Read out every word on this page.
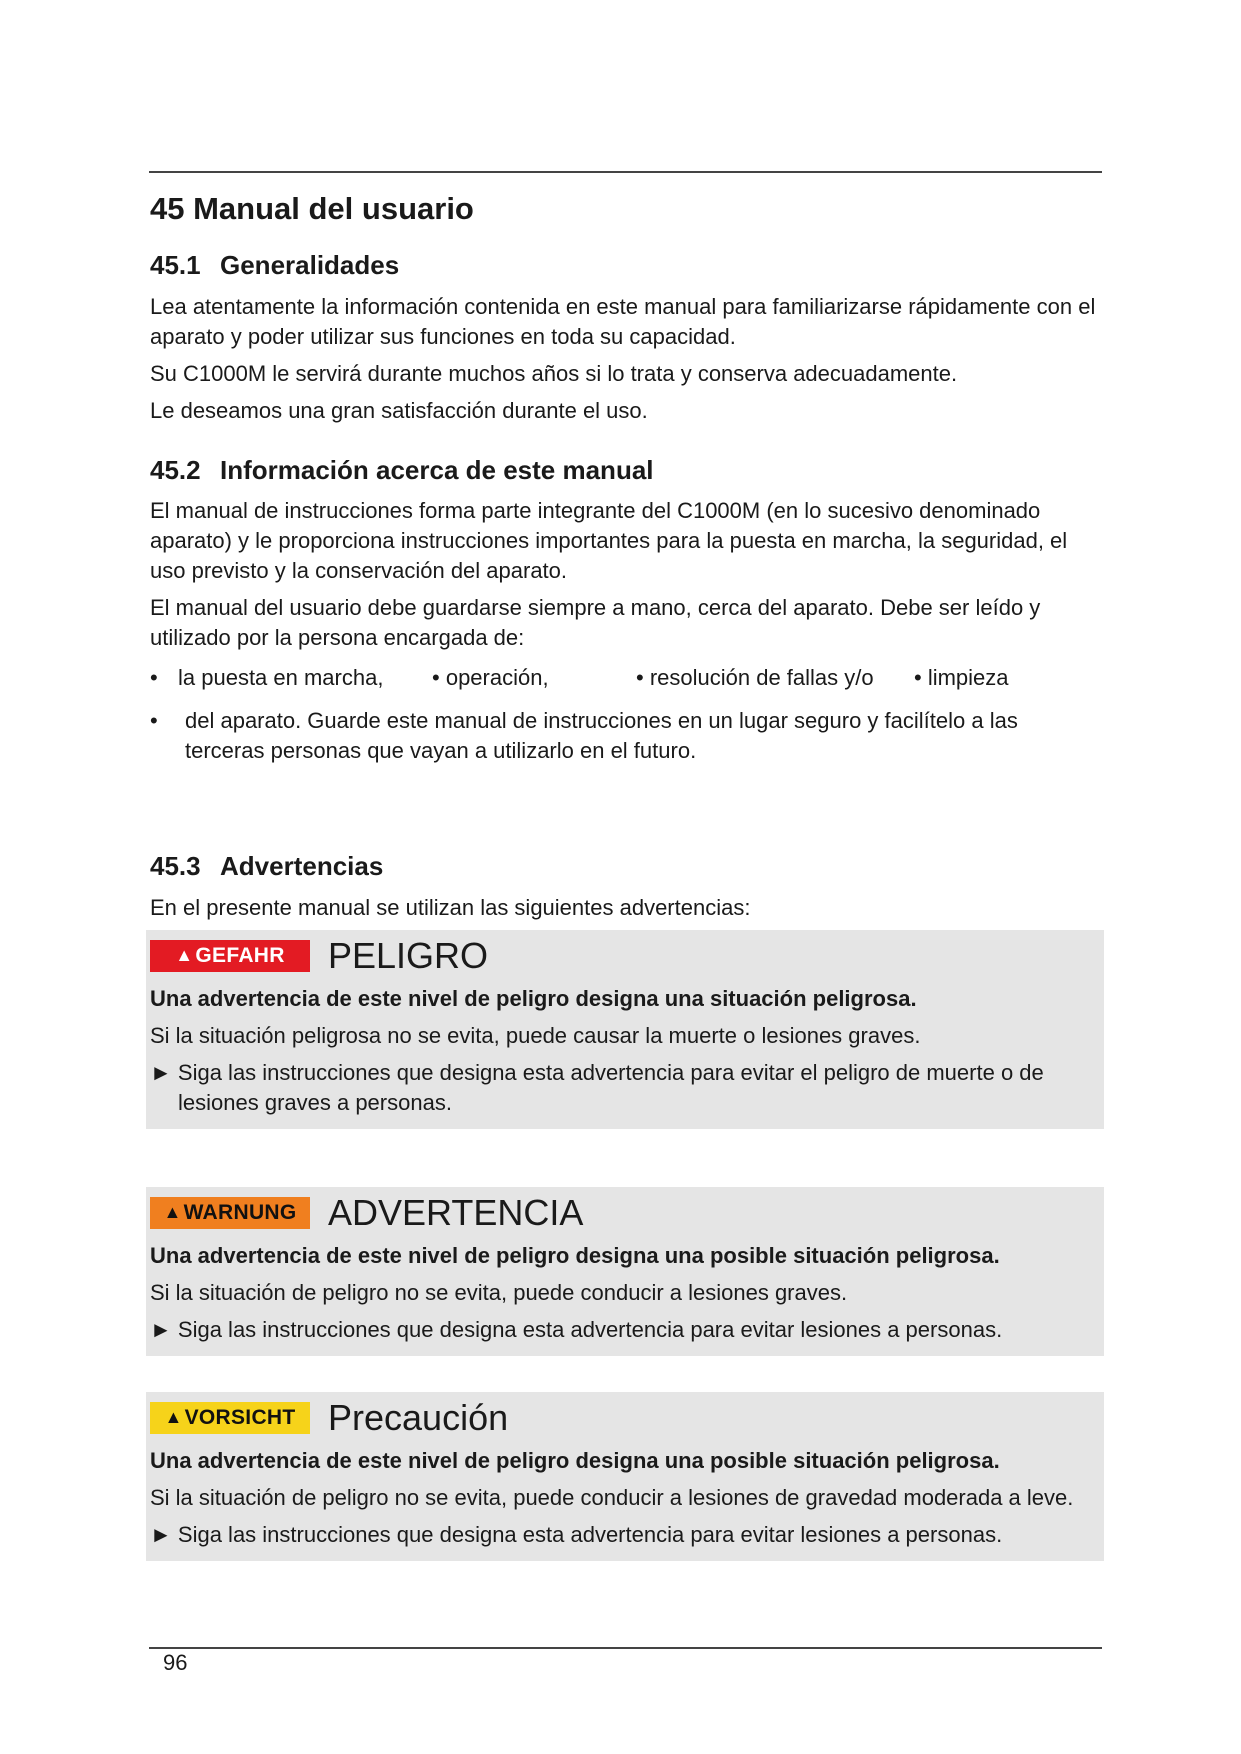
45 Manual del usuario
45.1 Generalidades

Lea atentamente la información contenida en este manual para familiarizarse rápidamente con el aparato y poder utilizar sus funciones en toda su capacidad.

Su C1000M le servirá durante muchos años si lo trata y conserva adecuadamente.

Le deseamos una gran satisfacción durante el uso.

45.2 Información acerca de este manual

El manual de instrucciones forma parte integrante del C1000M (en lo sucesivo denominado aparato) y le proporciona instrucciones importantes para la puesta en marcha, la seguridad, el uso previsto y la conservación del aparato.

El manual del usuario debe guardarse siempre a mano, cerca del aparato. Debe ser leído y utilizado por la persona encargada de:

• la puesta en marcha, • operación,	• resolución de fallas y/o • limpieza
• del aparato. Guarde este manual de instrucciones en un lugar seguro y facilítelo a las terceras personas que vayan a utilizarlo en el futuro.
45.3 Advertencias

En el presente manual se utilizan las siguientes advertencias:

▲ GEFAHR PELIGRO

Una advertencia de este nivel de peligro designa una situación peligrosa.

Si la situación peligrosa no se evita, puede causar la muerte o lesiones graves.

► Siga las instrucciones que designa esta advertencia para evitar el peligro de muerte o de lesiones graves a personas.

▲ WARNUNG ADVERTENCIA

Una advertencia de este nivel de peligro designa una posible situación peligrosa.

Si la situación de peligro no se evita, puede conducir a lesiones graves.

► Siga las instrucciones que designa esta advertencia para evitar lesiones a personas.

▲ VORSICHT Precaución

Una advertencia de este nivel de peligro designa una posible situación peligrosa.

Si la situación de peligro no se evita, puede conducir a lesiones de gravedad moderada a leve.

► Siga las instrucciones que designa esta advertencia para evitar lesiones a personas.

96
